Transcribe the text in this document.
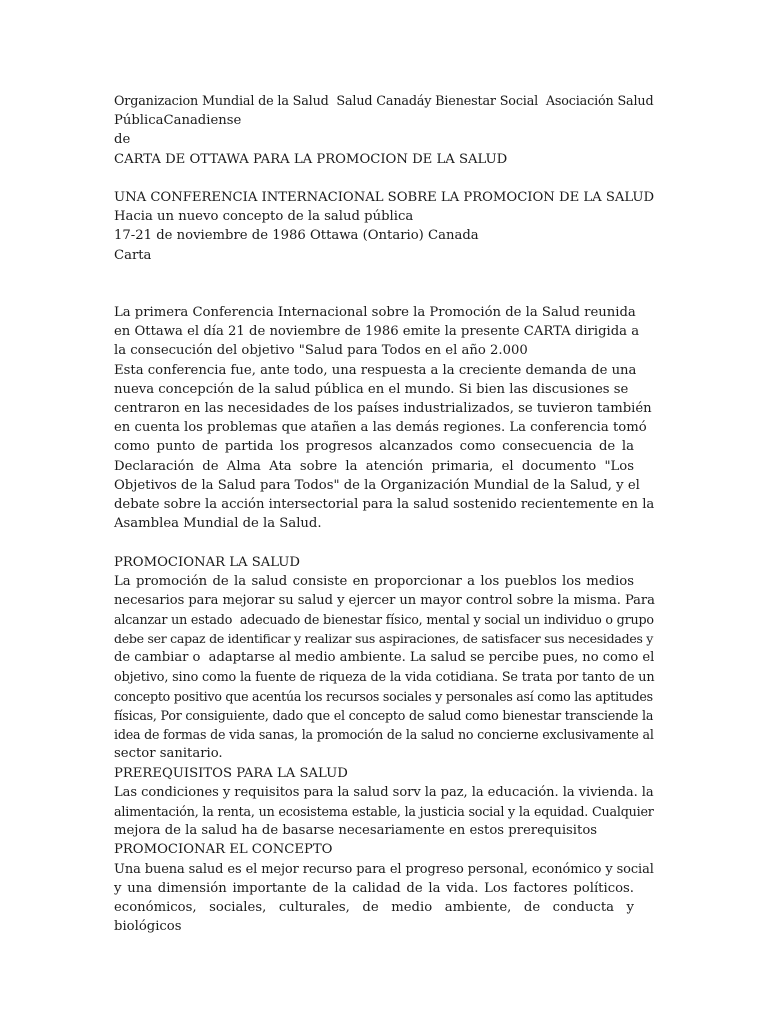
Organizacion Mundial de la Salud  Salud Canadáy Bienestar Social  Asociación Salud
PúblicaCanadiense
de
CARTA DE OTTAWA PARA LA PROMOCION DE LA SALUD
UNA CONFERENCIA INTERNACIONAL SOBRE LA PROMOCION DE LA SALUD
Hacia un nuevo concepto de la salud pública
17-21 de noviembre de 1986 Ottawa (Ontario) Canada
Carta
La primera Conferencia Internacional sobre la Promoción de la Salud reunida
en Ottawa el día 21 de noviembre de 1986 emite la presente CARTA dirigida a
la consecución del objetivo "Salud para Todos en el año 2.000
Esta conferencia fue, ante todo, una respuesta a la creciente demanda de una
nueva concepción de la salud pública en el mundo. Si bien las discusiones se
centraron en las necesidades de los países industrializados, se tuvieron también
en cuenta los problemas que atañen a las demás regiones. La conferencia tomó
como punto de partida los progresos alcanzados como consecuencia de la
Declaración de Alma Ata sobre la atención primaria, el documento "Los
Objetivos de la Salud para Todos" de la Organización Mundial de la Salud, y el
debate sobre la acción intersectorial para la salud sostenido recientemente en la
Asamblea Mundial de la Salud.
PROMOCIONAR LA SALUD
La promoción de la salud consiste en proporcionar a los pueblos los medios
necesarios para mejorar su salud y ejercer un mayor control sobre la misma. Para
alcanzar un estado  adecuado de bienestar físico, mental y social un individuo o grupo
debe ser capaz de identificar y realizar sus aspiraciones, de satisfacer sus necesidades y
de cambiar o  adaptarse al medio ambiente. La salud se percibe pues, no como el
objetivo, sino como la fuente de riqueza de la vida cotidiana. Se trata por tanto de un
concepto positivo que acentúa los recursos sociales y personales así como las aptitudes
físicas, Por consiguiente, dado que el concepto de salud como bienestar transciende la
idea de formas de vida sanas, la promoción de la salud no concierne exclusivamente al
sector sanitario.
PREREQUISITOS PARA LA SALUD
Las condiciones y requisitos para la salud sorv la paz, la educación. la vivienda. la
alimentación, la renta, un ecosistema estable, la justicia social y la equidad. Cualquier
mejora de la salud ha de basarse necesariamente en estos prerequisitos
PROMOCIONAR EL CONCEPTO
Una buena salud es el mejor recurso para el progreso personal, económico y social
y una dimensión importante de la calidad de la vida. Los factores políticos.
económicos, sociales, culturales, de medio ambiente, de conducta y biológicos
